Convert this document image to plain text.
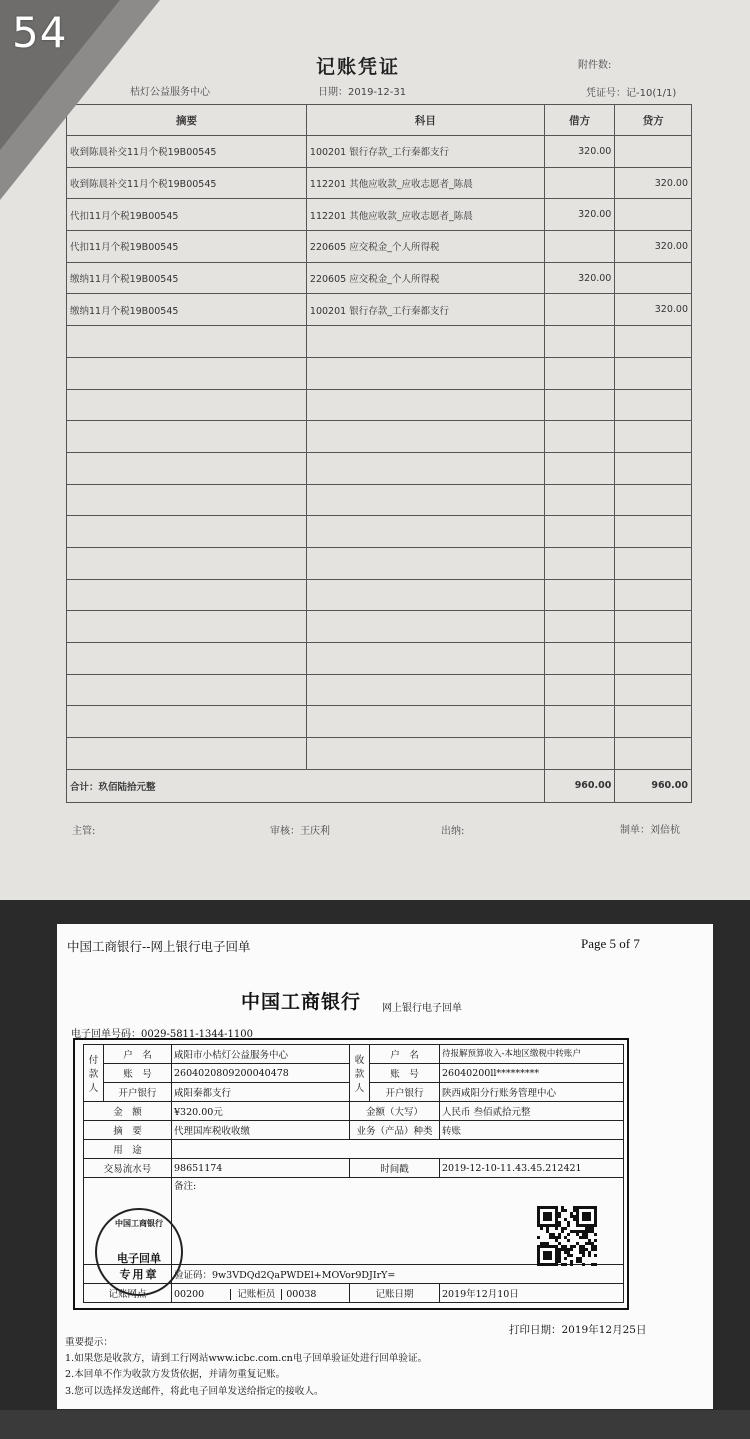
记账凭证	附件数:
桔灯公益服务中心	日期：2019-12-31	凭证号：记-10(1/1)
摘要	科目	借方	贷方
收到陈晨补交11月个税19B00545	100201 银行存款_工行秦都支行	320.00	
收到陈晨补交11月个税19B00545	112201 其他应收款_应收志愿者_陈晨		320.00
代扣11月个税19B00545	112201 其他应收款_应收志愿者_陈晨	320.00	
代扣11月个税19B00545	220605 应交税金_个人所得税		320.00
缴纳11月个税19B00545	220605 应交税金_个人所得税	320.00	
缴纳11月个税19B00545	100201 银行存款_工行秦都支行		320.00

合计：玖佰陆拾元整		960.00	960.00
主管:	审核：王庆利	出纳:	制单：刘倍杭
54
中国工商银行--网上银行电子回单	Page 5 of 7
中国工商银行 网上银行电子回单
电子回单号码：0029-5811-1344-1100
付款人	户　名	咸阳市小桔灯公益服务中心	收款人	户　名	待报解预算收入-本地区缴税中转账户
	账　号	2604020809200040478		账　号	26040200ll*********
	开户银行	咸阳秦都支行		开户银行	陕西咸阳分行账务管理中心
金　额		¥320.00元	金额（大写）		人民币 叁佰贰拾元整
摘　要		代理国库税收收缴	业务（产品）种类		转账
用　途					
交易流水号		98651174	时间戳		2019-12-10-11.43.45.212421
		备注:			
		验证码：9w3VDQd2QaPWDEl+MOVor9DJIrY=			
记账网点		00200 记账柜员 00038	记账日期		2019年12月10日
中国工商银行
电子回单
专用章
打印日期：2019年12月25日
重要提示：
1.如果您是收款方，请到工行网站www.icbc.com.cn电子回单验证处进行回单验证。
2.本回单不作为收款方发货依据，并请勿重复记账。
3.您可以选择发送邮件，将此电子回单发送给指定的接收人。
